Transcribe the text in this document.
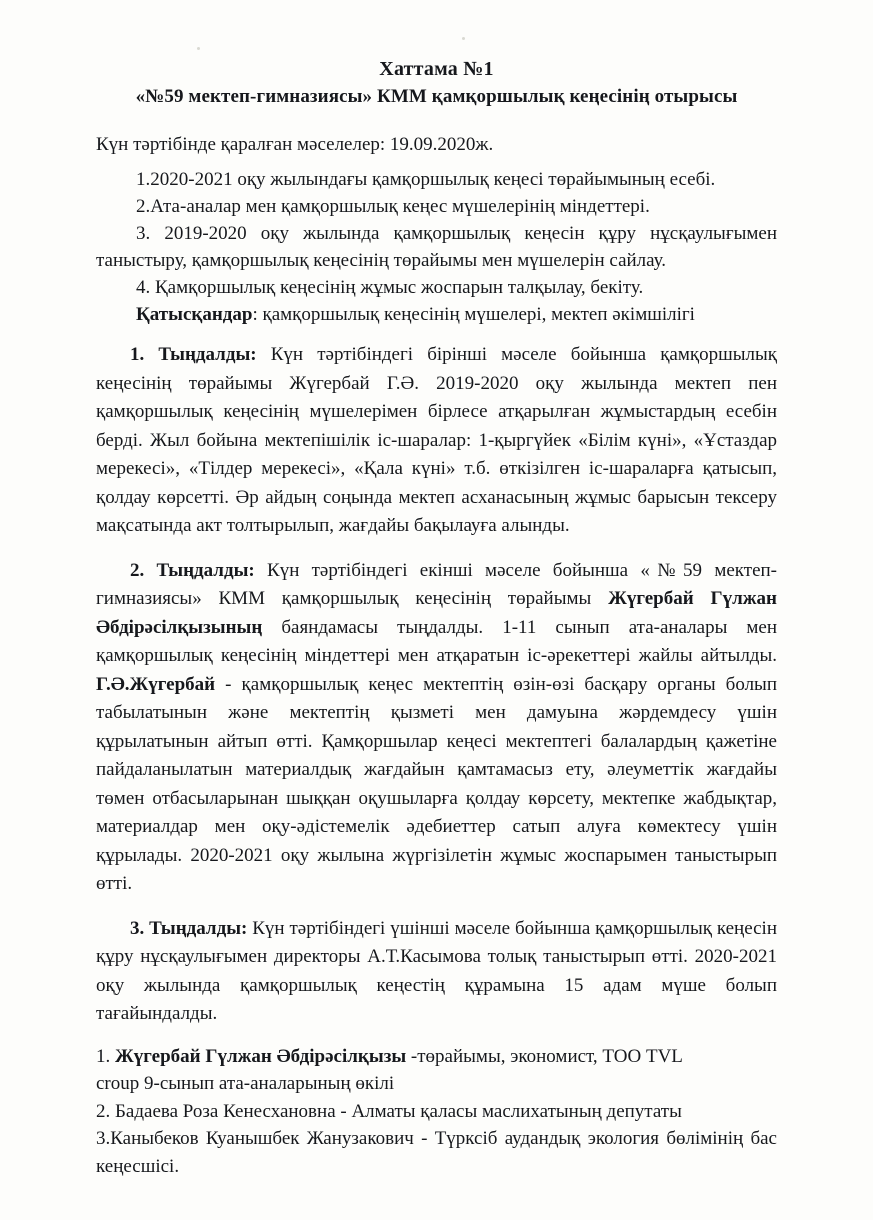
Хаттама №1
«№59 мектеп-гимназиясы» КММ қамқоршылық кеңесінің отырысы

Күн тәртібінде қаралған мәселелер: 19.09.2020ж.

1.2020-2021 оқу жылындағы қамқоршылық кеңесі төрайымының есебі.

2.Ата-аналар мен қамқоршылық кеңес мүшелерінің міндеттері.

3. 2019-2020 оқу жылында қамқоршылық кеңесін құру нұсқаулығымен таныстыру, қамқоршылық кеңесінің төрайымы мен мүшелерін сайлау.

4. Қамқоршылық кеңесінің жұмыс жоспарын талқылау, бекіту.

Қатысқандар: қамқоршылық кеңесінің мүшелері, мектеп әкімшілігі

1. Тыңдалды: Күн тәртібіндегі бірінші мәселе бойынша қамқоршылық кеңесінің төрайымы Жүгербай Г.Ә. 2019-2020 оқу жылында мектеп пен қамқоршылық кеңесінің мүшелерімен бірлесе атқарылған жұмыстардың есебін берді. Жыл бойына мектепішілік іс-шаралар: 1-қыргүйек «Білім күні», «Ұстаздар мерекесі», «Тілдер мерекесі», «Қала күні» т.б. өткізілген іс-шараларға қатысып, қолдау көрсетті. Әр айдың соңында мектеп асханасының жұмыс барысын тексеру мақсатында акт толтырылып, жағдайы бақылауға алынды.

2. Тыңдалды: Күн тәртібіндегі екінші мәселе бойынша «№59 мектеп-гимназиясы» КММ қамқоршылық кеңесінің төрайымы Жүгербай Гүлжан Әбдірәсілқызының баяндамасы тыңдалды. 1-11 сынып ата-аналары мен қамқоршылық кеңесінің міндеттері мен атқаратын іс-әрекеттері жайлы айтылды. Г.Ә.Жүгербай - қамқоршылық кеңес мектептің өзін-өзі басқару органы болып табылатынын және мектептің қызметі мен дамуына жәрдемдесу үшін құрылатынын айтып өтті. Қамқоршылар кеңесі мектептегі балалардың қажетіне пайдаланылатын материалдық жағдайын қамтамасыз ету, әлеуметтік жағдайы төмен отбасыларынан шыққан оқушыларға қолдау көрсету, мектепке жабдықтар, материалдар мен оқу-әдістемелік әдебиеттер сатып алуға көмектесу үшін құрылады. 2020-2021 оқу жылына жүргізілетін жұмыс жоспарымен таныстырып өтті.

3. Тыңдалды: Күн тәртібіндегі үшінші мәселе бойынша қамқоршылық кеңесін құру нұсқаулығымен директоры А.Т.Касымова толық таныстырып өтті. 2020-2021 оқу жылында қамқоршылық кеңестің құрамына 15 адам мүше болып тағайындалды.

1. Жүгербай Гүлжан Әбдірәсілқызы -төрайымы, экономист, ТОО TVL

сroup 9-сынып ата-аналарының өкілі

2. Бадаева Роза Кенесхановна - Алматы қаласы маслихатының депутаты

3.Каныбеков Куанышбек Жанузакович - Түрксіб аудандық экология бөлімінің бас кеңесшісі.
